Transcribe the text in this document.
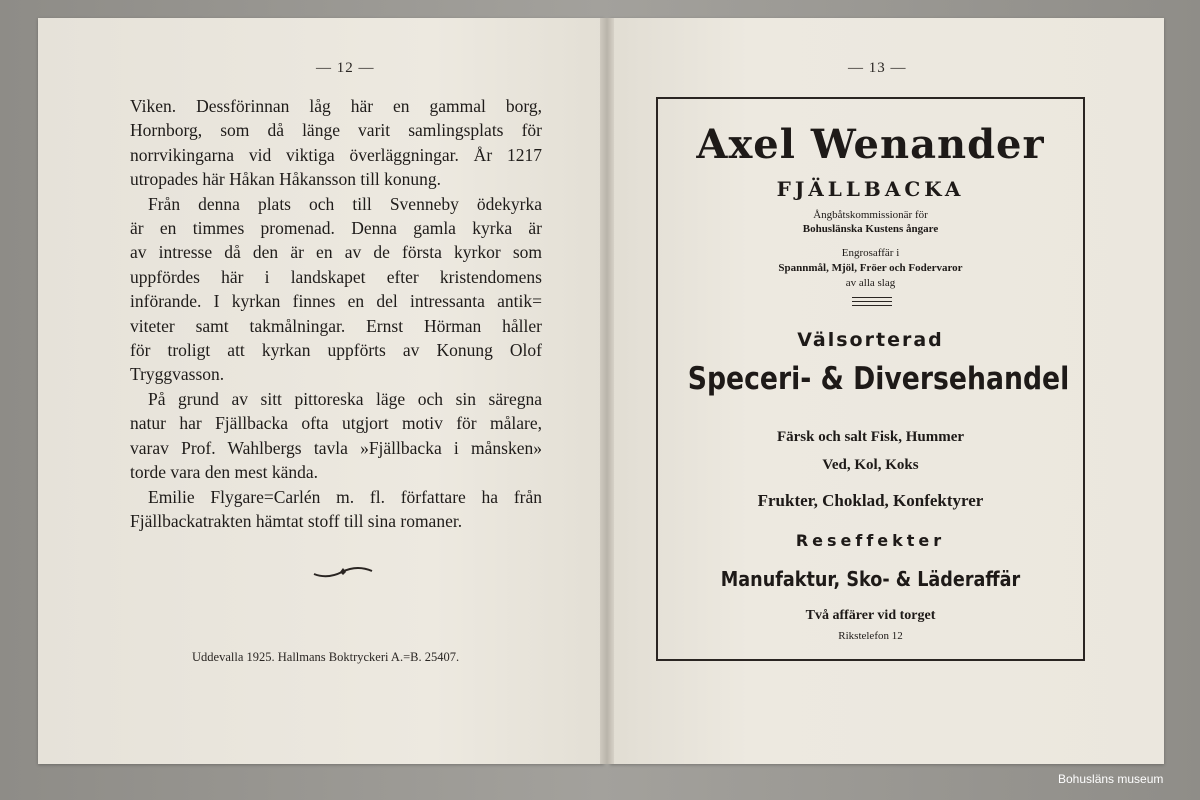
— 12 —	— 13 —
Viken. Dessförinnan låg här en gammal borg,
Hornborg, som då länge varit samlingsplats för
norrvikingarna vid viktiga överläggningar. År 1217
utropades här Håkan Håkansson till konung.
Från denna plats och till Svenneby ödekyrka
är en timmes promenad. Denna gamla kyrka är
av intresse då den är en av de första kyrkor som
uppfördes här i landskapet efter kristendomens
införande. I kyrkan finnes en del intressanta antik=
viteter samt takmålningar. Ernst Hörman håller
för troligt att kyrkan uppförts av Konung Olof
Tryggvasson.
På grund av sitt pittoreska läge och sin säregna
natur har Fjällbacka ofta utgjort motiv för målare,
varav Prof. Wahlbergs tavla »Fjällbacka i månsken»
torde vara den mest kända.
Emilie Flygare=Carlén m. fl. författare ha från
Fjällbackatrakten hämtat stoff till sina romaner.
Uddevalla 1925. Hallmans Boktryckeri A.=B. 25407.
Axel Wenander
FJÄLLBACKA
Ångbåtskommissionär för
Bohuslänska Kustens ångare
Engrosaffär i
Spannmål, Mjöl, Fröer och Fodervaror
av alla slag
Välsorterad
Speceri- & Diversehandel
Färsk och salt Fisk, Hummer
Ved, Kol, Koks
Frukter, Choklad, Konfektyrer
Reseffekter
Manufaktur, Sko- & Läderaffär
Två affärer vid torget
Rikstelefon 12
Bohusläns museum
